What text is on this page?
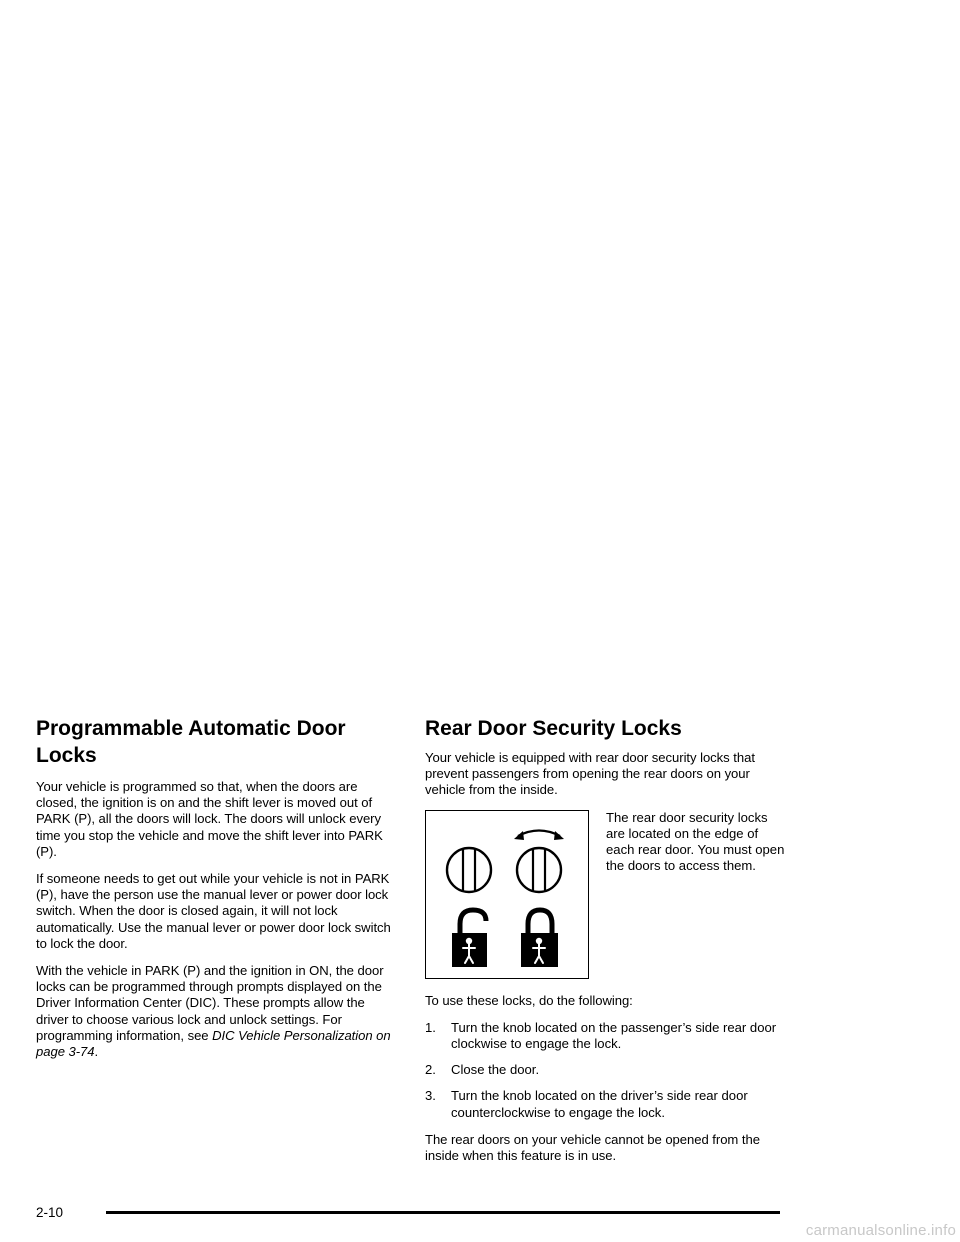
Programmable Automatic Door Locks

Your vehicle is programmed so that, when the doors are closed, the ignition is on and the shift lever is moved out of PARK (P), all the doors will lock. The doors will unlock every time you stop the vehicle and move the shift lever into PARK (P).

If someone needs to get out while your vehicle is not in PARK (P), have the person use the manual lever or power door lock switch. When the door is closed again, it will not lock automatically. Use the manual lever or power door lock switch to lock the door.

With the vehicle in PARK (P) and the ignition in ON, the door locks can be programmed through prompts displayed on the Driver Information Center (DIC). These prompts allow the driver to choose various lock and unlock settings. For programming information, see DIC Vehicle Personalization on page 3-74.

Rear Door Security Locks

Your vehicle is equipped with rear door security locks that prevent passengers from opening the rear doors on your vehicle from the inside.

The rear door security locks are located on the edge of each rear door. You must open the doors to access them.

To use these locks, do the following:

1. Turn the knob located on the passenger’s side rear door clockwise to engage the lock.
2. Close the door.
3. Turn the knob located on the driver’s side rear door counterclockwise to engage the lock.

The rear doors on your vehicle cannot be opened from the inside when this feature is in use.

2-10
carmanualsonline.info
